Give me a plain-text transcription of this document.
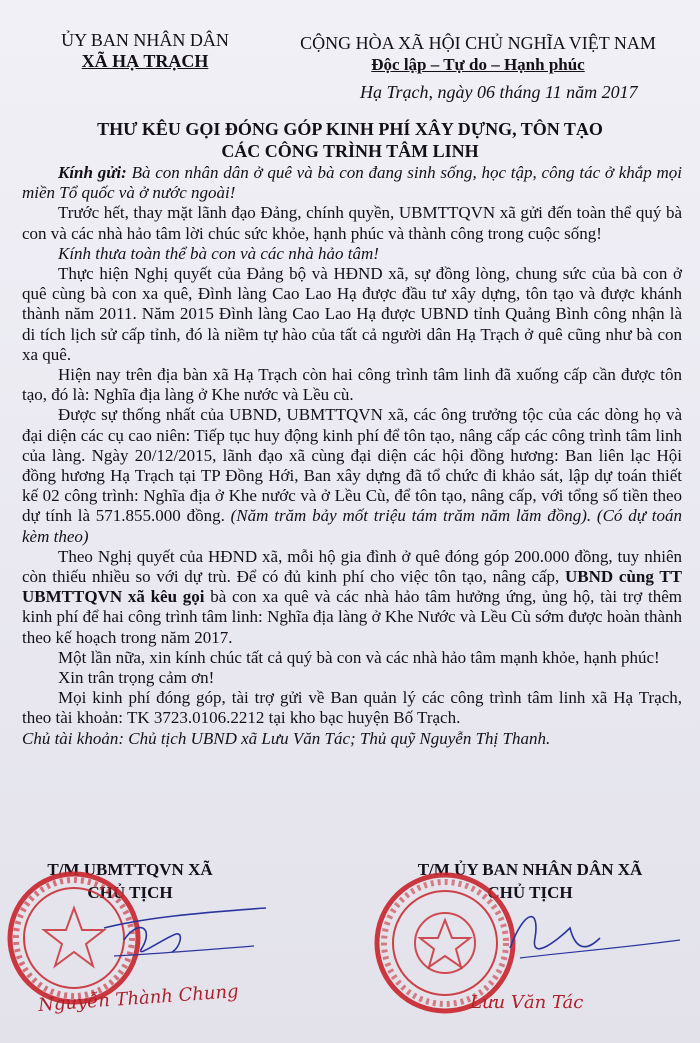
ỦY BAN NHÂN DÂN
XÃ HẠ TRẠCH
CỘNG HÒA XÃ HỘI CHỦ NGHĨA VIỆT NAM
Độc lập – Tự do – Hạnh phúc
Hạ Trạch, ngày 06 tháng 11 năm 2017
THƯ KÊU GỌI ĐÓNG GÓP KINH PHÍ XÂY DỰNG, TÔN TẠO
CÁC CÔNG TRÌNH TÂM LINH

Kính gửi: Bà con nhân dân ở quê và bà con đang sinh sống, học tập, công tác ở khắp mọi miền Tổ quốc và ở nước ngoài!

Trước hết, thay mặt lãnh đạo Đảng, chính quyền, UBMTTQVN xã gửi đến toàn thể quý bà con và các nhà hảo tâm lời chúc sức khỏe, hạnh phúc và thành công trong cuộc sống!

Kính thưa toàn thể bà con và các nhà hảo tâm!

Thực hiện Nghị quyết của Đảng bộ và HĐND xã, sự đồng lòng, chung sức của bà con ở quê cùng bà con xa quê, Đình làng Cao Lao Hạ được đầu tư xây dựng, tôn tạo và được khánh thành năm 2011. Năm 2015 Đình làng Cao Lao Hạ được UBND tỉnh Quảng Bình công nhận là di tích lịch sử cấp tỉnh, đó là niềm tự hào của tất cả người dân Hạ Trạch ở quê cũng như bà con xa quê.

Hiện nay trên địa bàn xã Hạ Trạch còn hai công trình tâm linh đã xuống cấp cần được tôn tạo, đó là: Nghĩa địa làng ở Khe nước và Lều cù.

Được sự thống nhất của UBND, UBMTTQVN xã, các ông trưởng tộc của các dòng họ và đại diện các cụ cao niên: Tiếp tục huy động kinh phí để tôn tạo, nâng cấp các công trình tâm linh của làng. Ngày 20/12/2015, lãnh đạo xã cùng đại diện các hội đồng hương: Ban liên lạc Hội đồng hương Hạ Trạch tại TP Đồng Hới, Ban xây dựng đã tổ chức đi khảo sát, lập dự toán thiết kế 02 công trình: Nghĩa địa ở Khe nước và ở Lều Cù, để tôn tạo, nâng cấp, với tổng số tiền theo dự tính là 571.855.000 đồng. (Năm trăm bảy mốt triệu tám trăm năm lăm đồng). (Có dự toán kèm theo)

Theo Nghị quyết của HĐND xã, mỗi hộ gia đình ở quê đóng góp 200.000 đồng, tuy nhiên còn thiếu nhiều so với dự trù. Để có đủ kinh phí cho việc tôn tạo, nâng cấp, UBND cùng TT UBMTTQVN xã kêu gọi bà con xa quê và các nhà hảo tâm hưởng ứng, ủng hộ, tài trợ thêm kinh phí để hai công trình tâm linh: Nghĩa địa làng ở Khe Nước và Lều Cù sớm được hoàn thành theo kế hoạch trong năm 2017.

Một lần nữa, xin kính chúc tất cả quý bà con và các nhà hảo tâm mạnh khỏe, hạnh phúc!

Xin trân trọng cảm ơn!

Mọi kinh phí đóng góp, tài trợ gửi về Ban quản lý các công trình tâm linh xã Hạ Trạch, theo tài khoản: TK 3723.0106.2212 tại kho bạc huyện Bố Trạch.

Chủ tài khoản: Chủ tịch UBND xã Lưu Văn Tác; Thủ quỹ Nguyễn Thị Thanh.

T/M UBMTTQVN XÃ
CHỦ TỊCH
Nguyễn Thành Chung
T/M ỦY BAN NHÂN DÂN XÃ
CHỦ TỊCH
Lưu Văn Tác
